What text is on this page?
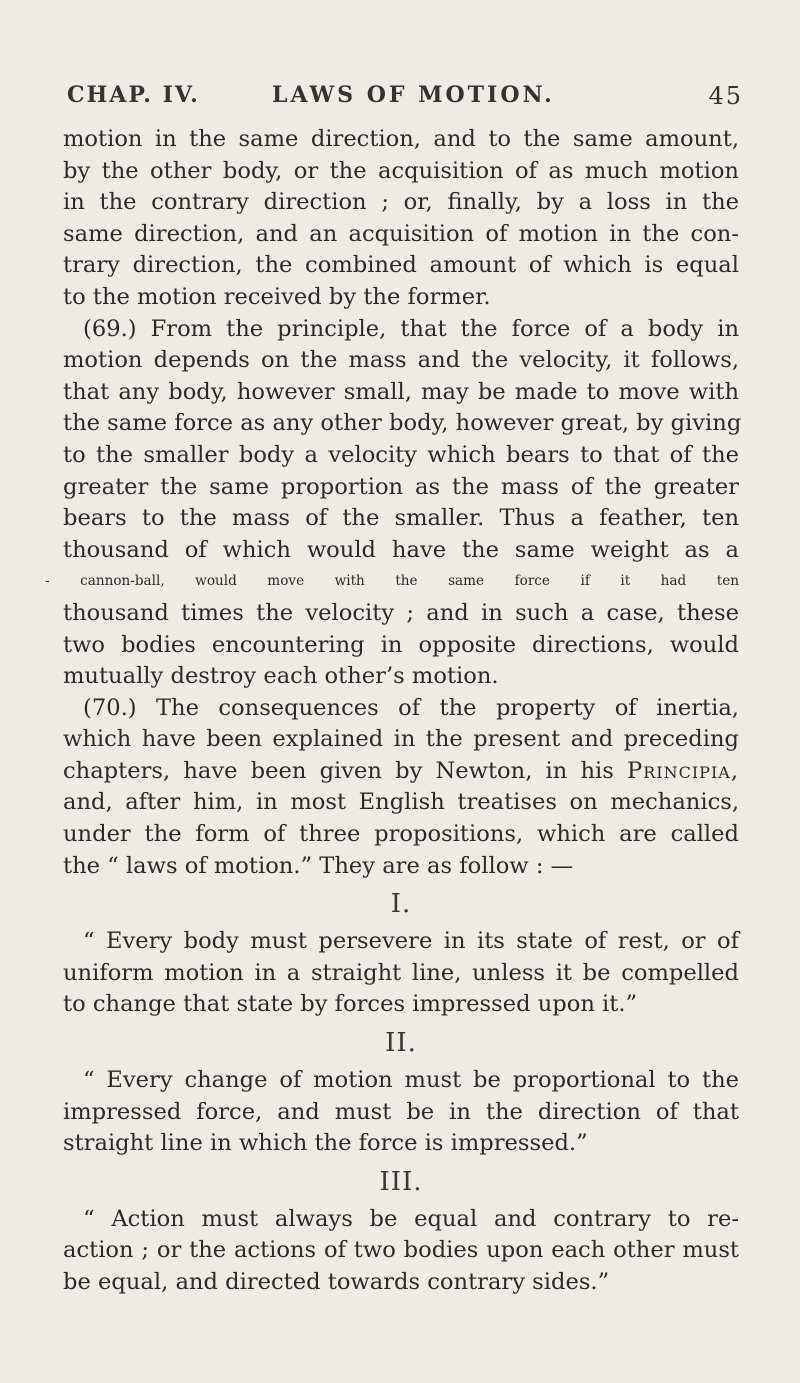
CHAP. IV.	LAWS OF MOTION.	45
motion in the same direction, and to the same amount,
by the other body, or the acquisition of as much motion
in the contrary direction ; or, finally, by a loss in the
same direction, and an acquisition of motion in the con-
trary direction, the combined amount of which is equal
to the motion received by the former.
(69.) From the principle, that the force of a body in
motion depends on the mass and the velocity, it follows,
that any body, however small, may be made to move with
the same force as any other body, however great, by giving
to the smaller body a velocity which bears to that of the
greater the same proportion as the mass of the greater
bears to the mass of the smaller. Thus a feather, ten
thousand of which would have the same weight as a
- cannon-ball, would move with the same force if it had ten
thousand times the velocity ; and in such a case, these
two bodies encountering in opposite directions, would
mutually destroy each other’s motion.
(70.) The consequences of the property of inertia,
which have been explained in the present and preceding
chapters, have been given by Newton, in his Principia,
and, after him, in most English treatises on mechanics,
under the form of three propositions, which are called
the “ laws of motion.” They are as follow : —
I.
“ Every body must persevere in its state of rest, or of
uniform motion in a straight line, unless it be compelled
to change that state by forces impressed upon it.”
II.
“ Every change of motion must be proportional to the
impressed force, and must be in the direction of that
straight line in which the force is impressed.”
III.
“ Action must always be equal and contrary to re-
action ; or the actions of two bodies upon each other must
be equal, and directed towards contrary sides.”
